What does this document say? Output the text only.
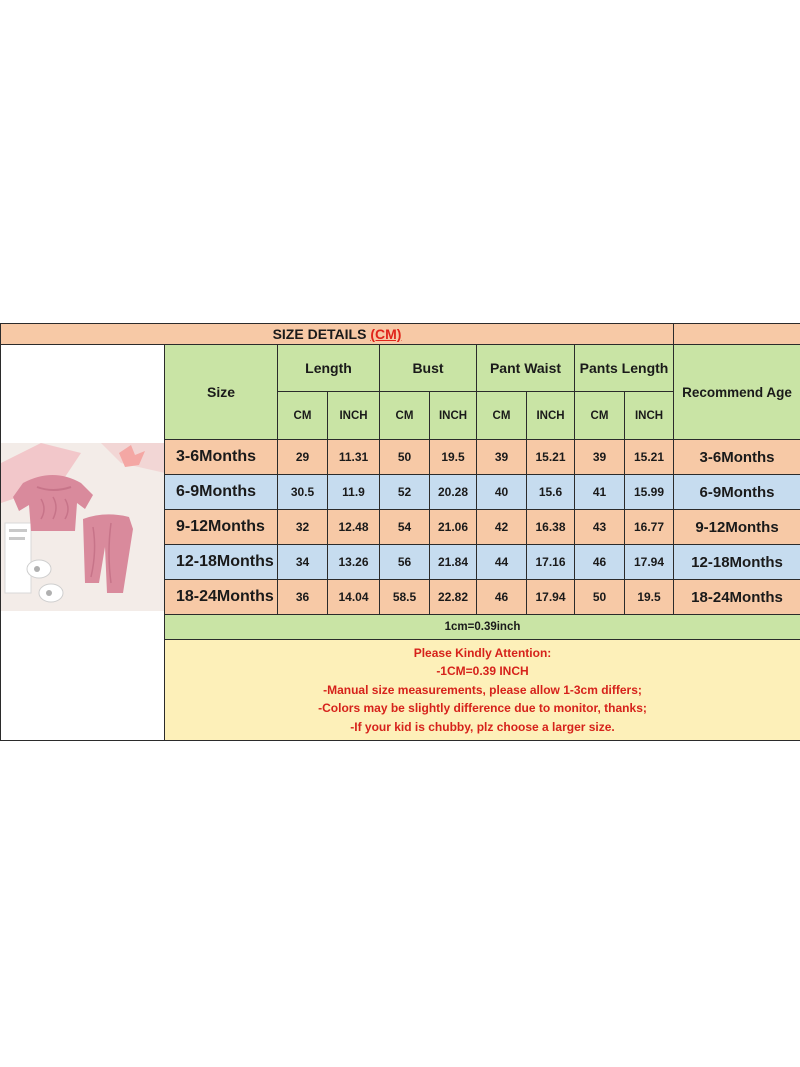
SIZE DETAILS (CM)										

	Size	Length		Bust		Pant Waist		Pants Length		Recommend Age
		CM	INCH	CM	INCH	CM	INCH	CM	INCH	
	3-6Months	29	11.31	50	19.5	39	15.21	39	15.21	3-6Months
	6-9Months	30.5	11.9	52	20.28	40	15.6	41	15.99	6-9Months
	9-12Months	32	12.48	54	21.06	42	16.38	43	16.77	9-12Months
	12-18Months	34	13.26	56	21.84	44	17.16	46	17.94	12-18Months
	18-24Months	36	14.04	58.5	22.82	46	17.94	50	19.5	18-24Months
	1cm=0.39inch									

	Please Kindly Attention:
-1CM=0.39 INCH
-Manual size measurements, please allow 1-3cm differs;
-Colors may be slightly difference due to monitor, thanks;
-If your kid is chubby, plz choose a larger size.									
